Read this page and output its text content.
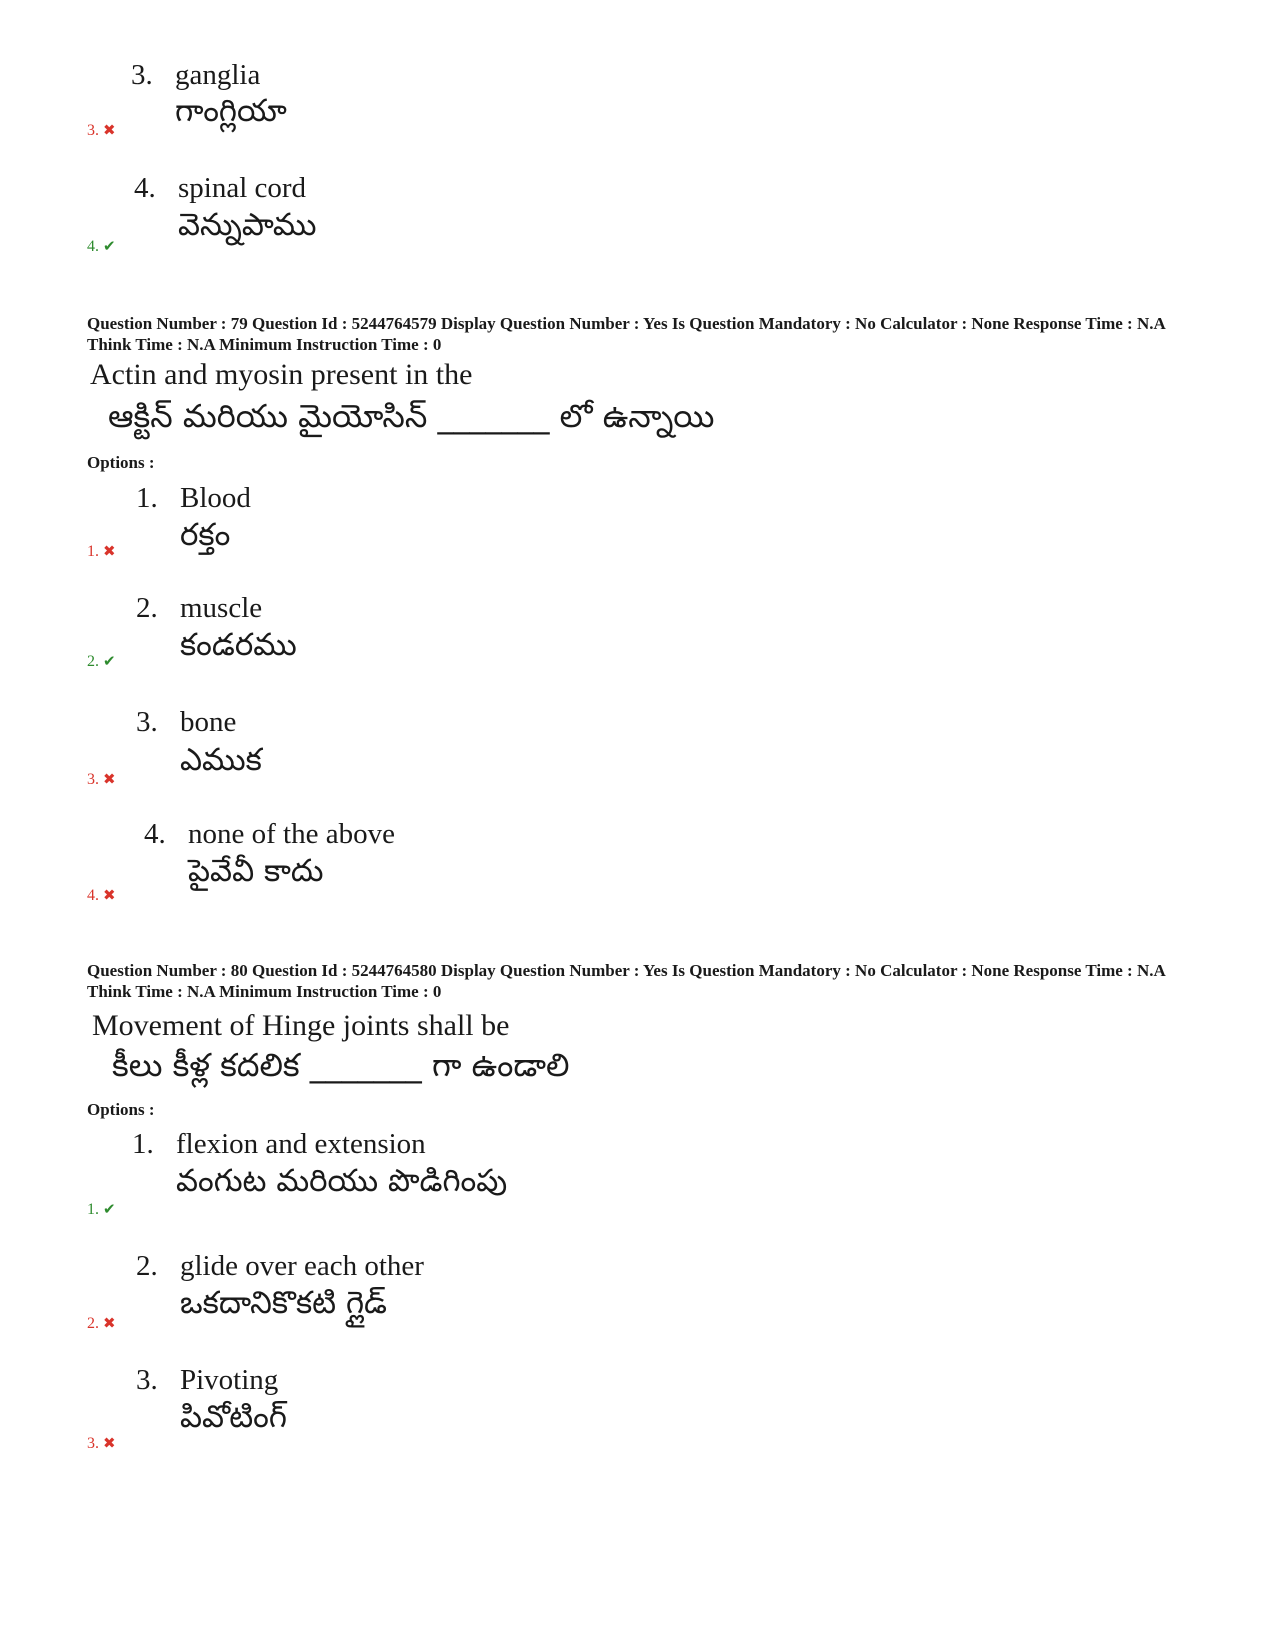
3. ganglia
గాంగ్లియా
3. ✖
4. spinal cord
వెన్నుపాము
4. ✔
Question Number : 79 Question Id : 5244764579 Display Question Number : Yes Is Question Mandatory : No Calculator : None Response Time : N.A Think Time : N.A Minimum Instruction Time : 0
Actin and myosin present in the
ఆక్టిన్ మరియు మైయోసిన్ _______ లో ఉన్నాయి
Options :
1. Blood
రక్తం
1. ✖
2. muscle
కండరము
2. ✔
3. bone
ఎముక
3. ✖
4. none of the above
పైవేవీ కాదు
4. ✖
Question Number : 80 Question Id : 5244764580 Display Question Number : Yes Is Question Mandatory : No Calculator : None Response Time : N.A Think Time : N.A Minimum Instruction Time : 0
Movement of Hinge joints shall be
కీలు కీళ్ల కదలిక _______ గా ఉండాలి
Options :
1. flexion and extension
వంగుట మరియు పొడిగింపు
1. ✔
2. glide over each other
ఒకదానికొకటి గ్లైడ్
2. ✖
3. Pivoting
పివోటింగ్
3. ✖
